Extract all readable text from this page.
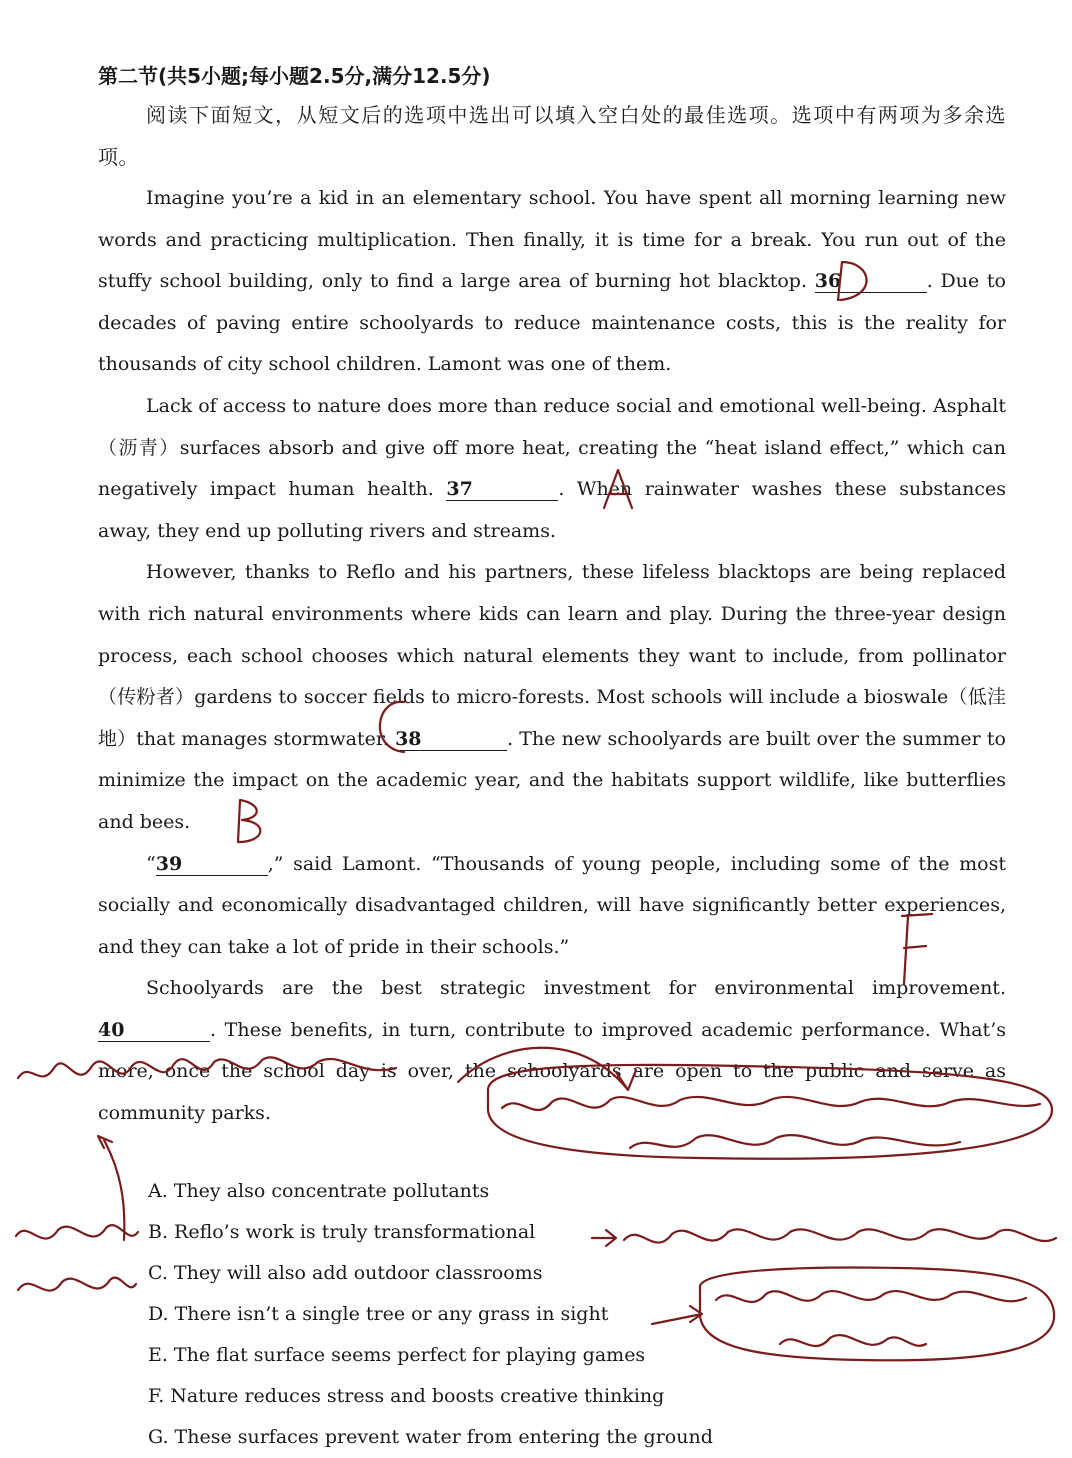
第二节(共5小题;每小题2.5分,满分12.5分)

阅读下面短文，从短文后的选项中选出可以填入空白处的最佳选项。选项中有两项为多余选项。

Imagine you’re a kid in an elementary school. You have spent all morning learning new words and practicing multiplication. Then finally, it is time for a break. You run out of the stuffy school building, only to find a large area of burning hot blacktop. 36	. Due to decades of paving entire schoolyards to reduce maintenance costs, this is the reality for thousands of city school children. Lamont was one of them.

Lack of access to nature does more than reduce social and emotional well-being. Asphalt（沥青）surfaces absorb and give off more heat, creating the “heat island effect,” which can negatively impact human health. 37	. When rainwater washes these substances away, they end up polluting rivers and streams.

However, thanks to Reflo and his partners, these lifeless blacktops are being replaced with rich natural environments where kids can learn and play. During the three-year design process, each school chooses which natural elements they want to include, from pollinator（传粉者）gardens to soccer fields to micro-forests. Most schools will include a bioswale（低洼地）that manages stormwater. 38	. The new schoolyards are built over the summer to minimize the impact on the academic year, and the habitats support wildlife, like butterflies and bees.

“39	,” said Lamont. “Thousands of young people, including some of the most socially and economically disadvantaged children, will have significantly better experiences, and they can take a lot of pride in their schools.”

Schoolyards are the best strategic investment for environmental improvement. 40	. These benefits, in turn, contribute to improved academic performance. What’s more, once the school day is over, the schoolyards are open to the public and serve as community parks.

A. They also concentrate pollutants

B. Reflo’s work is truly transformational

C. They will also add outdoor classrooms

D. There isn’t a single tree or any grass in sight

E. The flat surface seems perfect for playing games

F. Nature reduces stress and boosts creative thinking

G. These surfaces prevent water from entering the ground
